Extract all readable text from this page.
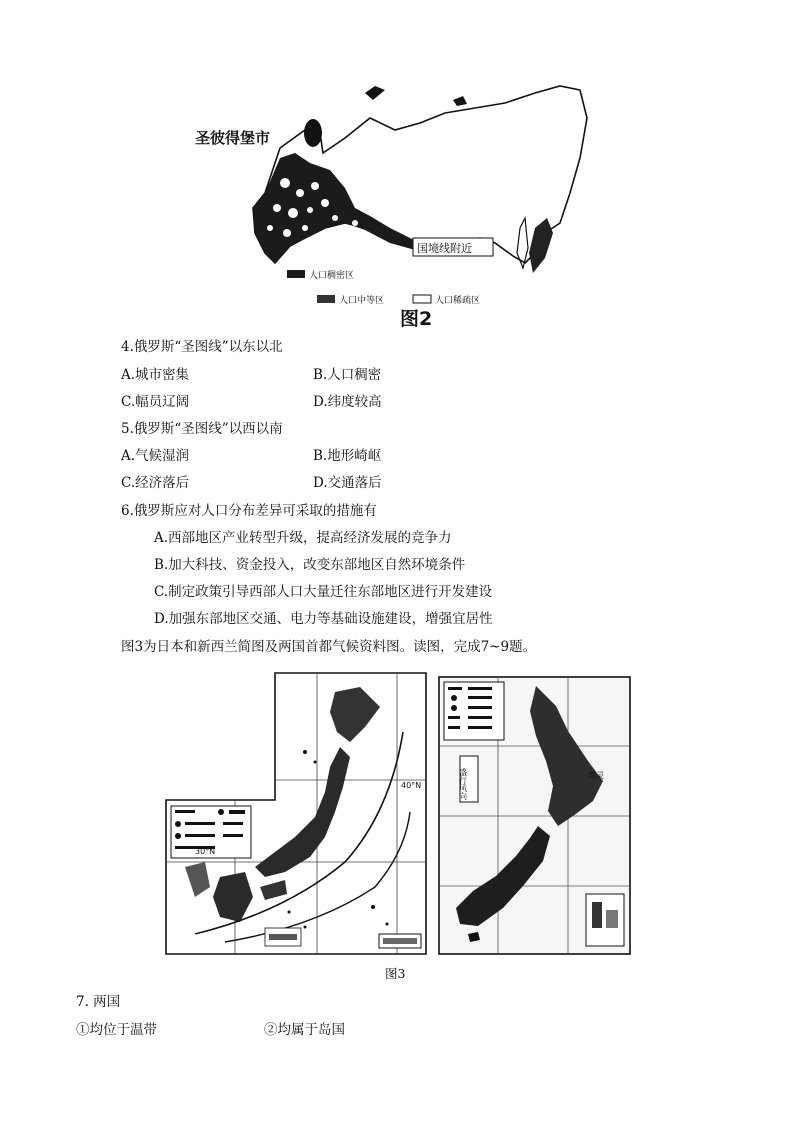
圣彼得堡市
国境线附近
人口稠密区
人口中等区	人口稀疏区
图2
4.俄罗斯“圣图线”以东以北
A.城市密集	B.人口稠密
C.幅员辽阔	D.纬度较高
5.俄罗斯“圣图线”以西以南
A.气候湿润	B.地形崎岖
C.经济落后	D.交通落后
6.俄罗斯应对人口分布差异可采取的措施有
A.西部地区产业转型升级，提高经济发展的竞争力
B.加大科技、资金投入，改变东部地区自然环境条件
C.制定政策引导西部人口大量迁往东部地区进行开发建设
D.加强东部地区交通、电力等基础设施建设，增强宜居性
图3为日本和新西兰简图及两国首都气候资料图。读图，完成7~9题。
40°N
30°N
盛行风向	惠灵
图3
7. 两国
①均位于温带	②均属于岛国
